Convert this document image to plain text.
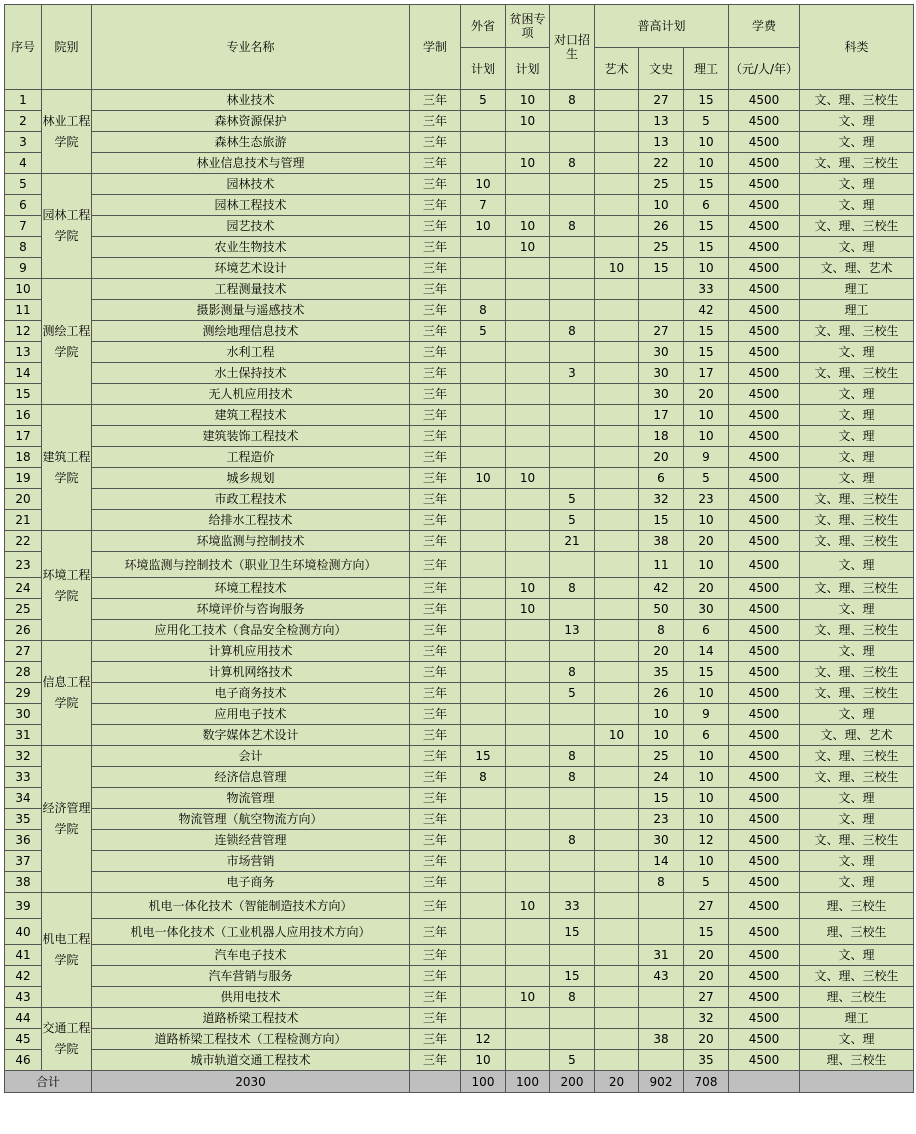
序号	院别	专业名称	学制	外省	贫困专项	对口招生	普高计划			学费	科类
				计划	计划		艺术	文史	理工	（元/人/年）	
1	林业工程学院	林业技术	三年	5	10	8		27	15	4500	文、理、三校生
2		森林资源保护	三年		10			13	5	4500	文、理
3		森林生态旅游	三年					13	10	4500	文、理
4		林业信息技术与管理	三年		10	8		22	10	4500	文、理、三校生
5	园林工程学院	园林技术	三年	10				25	15	4500	文、理
6		园林工程技术	三年	7				10	6	4500	文、理
7		园艺技术	三年	10	10	8		26	15	4500	文、理、三校生
8		农业生物技术	三年		10			25	15	4500	文、理
9		环境艺术设计	三年				10	15	10	4500	文、理、艺术
10	测绘工程学院	工程测量技术	三年						33	4500	理工
11		摄影测量与遥感技术	三年	8					42	4500	理工
12		测绘地理信息技术	三年	5		8		27	15	4500	文、理、三校生
13		水利工程	三年					30	15	4500	文、理
14		水土保持技术	三年			3		30	17	4500	文、理、三校生
15		无人机应用技术	三年					30	20	4500	文、理
16	建筑工程学院	建筑工程技术	三年					17	10	4500	文、理
17		建筑装饰工程技术	三年					18	10	4500	文、理
18		工程造价	三年					20	9	4500	文、理
19		城乡规划	三年	10	10			6	5	4500	文、理
20		市政工程技术	三年			5		32	23	4500	文、理、三校生
21		给排水工程技术	三年			5		15	10	4500	文、理、三校生
22	环境工程学院	环境监测与控制技术	三年			21		38	20	4500	文、理、三校生
23		环境监测与控制技术（职业卫生环境检测方向）	三年					11	10	4500	文、理
24		环境工程技术	三年		10	8		42	20	4500	文、理、三校生
25		环境评价与咨询服务	三年		10			50	30	4500	文、理
26		应用化工技术（食品安全检测方向）	三年			13		8	6	4500	文、理、三校生
27	信息工程学院	计算机应用技术	三年					20	14	4500	文、理
28		计算机网络技术	三年			8		35	15	4500	文、理、三校生
29		电子商务技术	三年			5		26	10	4500	文、理、三校生
30		应用电子技术	三年					10	9	4500	文、理
31		数字媒体艺术设计	三年				10	10	6	4500	文、理、艺术
32	经济管理学院	会计	三年	15		8		25	10	4500	文、理、三校生
33		经济信息管理	三年	8		8		24	10	4500	文、理、三校生
34		物流管理	三年					15	10	4500	文、理
35		物流管理（航空物流方向）	三年					23	10	4500	文、理
36		连锁经营管理	三年			8		30	12	4500	文、理、三校生
37		市场营销	三年					14	10	4500	文、理
38		电子商务	三年					8	5	4500	文、理
39	机电工程学院	机电一体化技术（智能制造技术方向）	三年		10	33			27	4500	理、三校生
40		机电一体化技术（工业机器人应用技术方向）	三年			15			15	4500	理、三校生
41		汽车电子技术	三年					31	20	4500	文、理
42		汽车营销与服务	三年			15		43	20	4500	文、理、三校生
43		供用电技术	三年		10	8			27	4500	理、三校生
44	交通工程学院	道路桥梁工程技术	三年						32	4500	理工
45		道路桥梁工程技术（工程检测方向）	三年	12				38	20	4500	文、理
46		城市轨道交通工程技术	三年	10		5			35	4500	理、三校生
合计		2030		100	100	200	20	902	708		
